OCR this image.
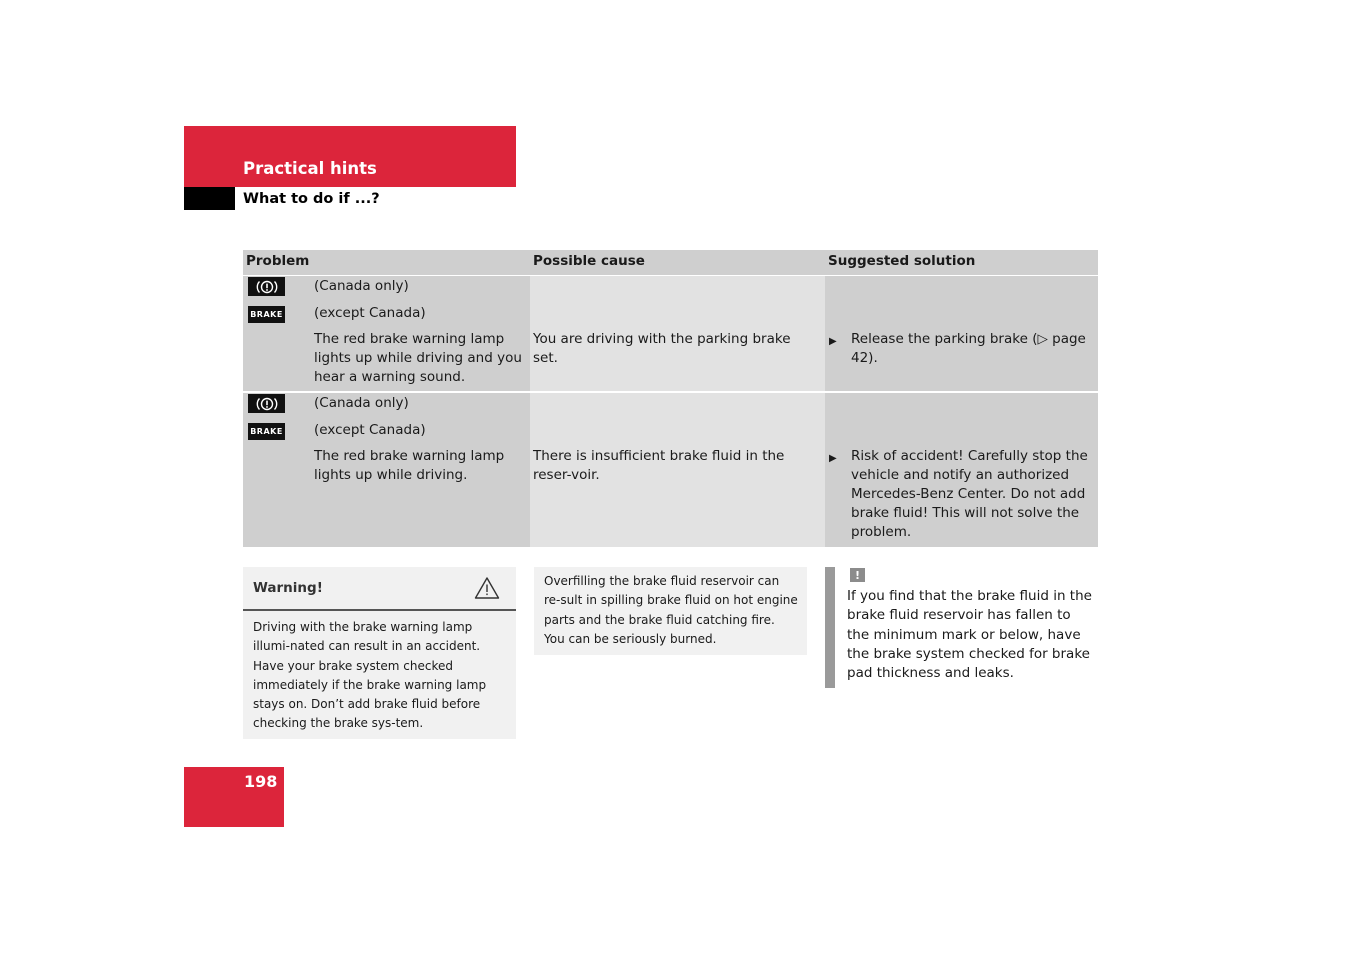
Practical hints
What to do if ...?
Problem	Possible cause	Suggested solution
(Canada only)
BRAKE (except Canada)
The red brake warning lamp lights up while driving and you hear a warning sound.
You are driving with the parking brake set.
▶ Release the parking brake (▷ page 42).
(Canada only)
BRAKE (except Canada)
The red brake warning lamp lights up while driving.
There is insufficient brake fluid in the reser-voir.
▶ Risk of accident! Carefully stop the vehicle and notify an authorized Mercedes-Benz Center. Do not add brake fluid! This will not solve the problem.
Warning!
Driving with the brake warning lamp illumi-nated can result in an accident. Have your brake system checked immediately if the brake warning lamp stays on. Don’t add brake fluid before checking the brake sys-tem.
Overfilling the brake fluid reservoir can re-sult in spilling brake fluid on hot engine parts and the brake fluid catching fire. You can be seriously burned.
!
If you find that the brake fluid in the brake fluid reservoir has fallen to the minimum mark or below, have the brake system checked for brake pad thickness and leaks.
198
